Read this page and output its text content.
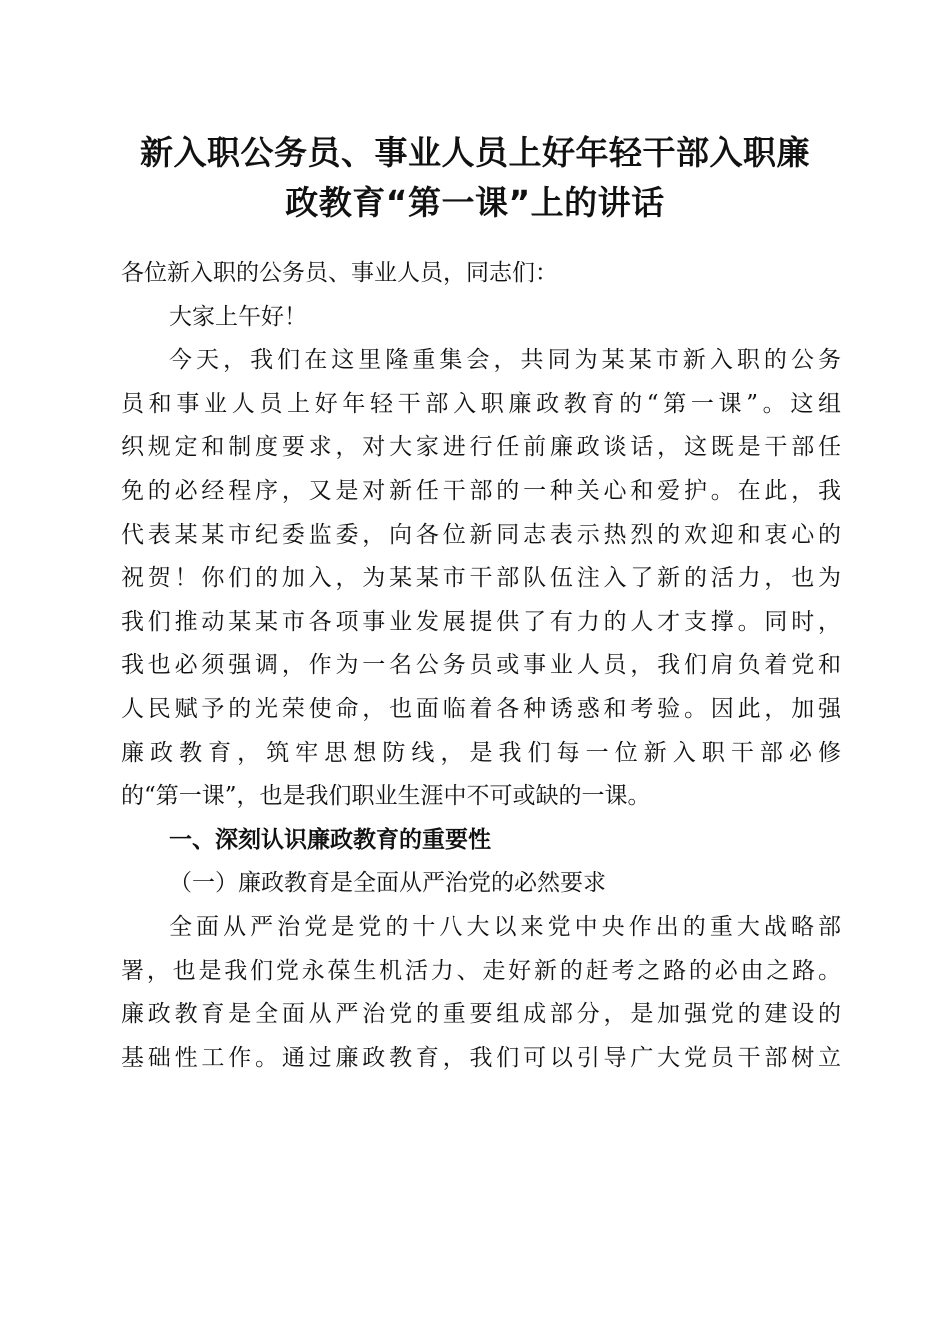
新入职公务员、事业人员上好年轻干部入职廉
政教育“第一课”上的讲话
各位新入职的公务员、事业人员，同志们：
大家上午好！
今天，我们在这里隆重集会，共同为某某市新入职的公务
员和事业人员上好年轻干部入职廉政教育的“第一课”。这组
织规定和制度要求，对大家进行任前廉政谈话，这既是干部任
免的必经程序，又是对新任干部的一种关心和爱护。在此，我
代表某某市纪委监委，向各位新同志表示热烈的欢迎和衷心的
祝贺！你们的加入，为某某市干部队伍注入了新的活力，也为
我们推动某某市各项事业发展提供了有力的人才支撑。同时，
我也必须强调，作为一名公务员或事业人员，我们肩负着党和
人民赋予的光荣使命，也面临着各种诱惑和考验。因此，加强
廉政教育，筑牢思想防线，是我们每一位新入职干部必修
的“第一课”，也是我们职业生涯中不可或缺的一课。
一、深刻认识廉政教育的重要性
（一）廉政教育是全面从严治党的必然要求
全面从严治党是党的十八大以来党中央作出的重大战略部
署，也是我们党永葆生机活力、走好新的赶考之路的必由之路。
廉政教育是全面从严治党的重要组成部分，是加强党的建设的
基础性工作。通过廉政教育，我们可以引导广大党员干部树立
